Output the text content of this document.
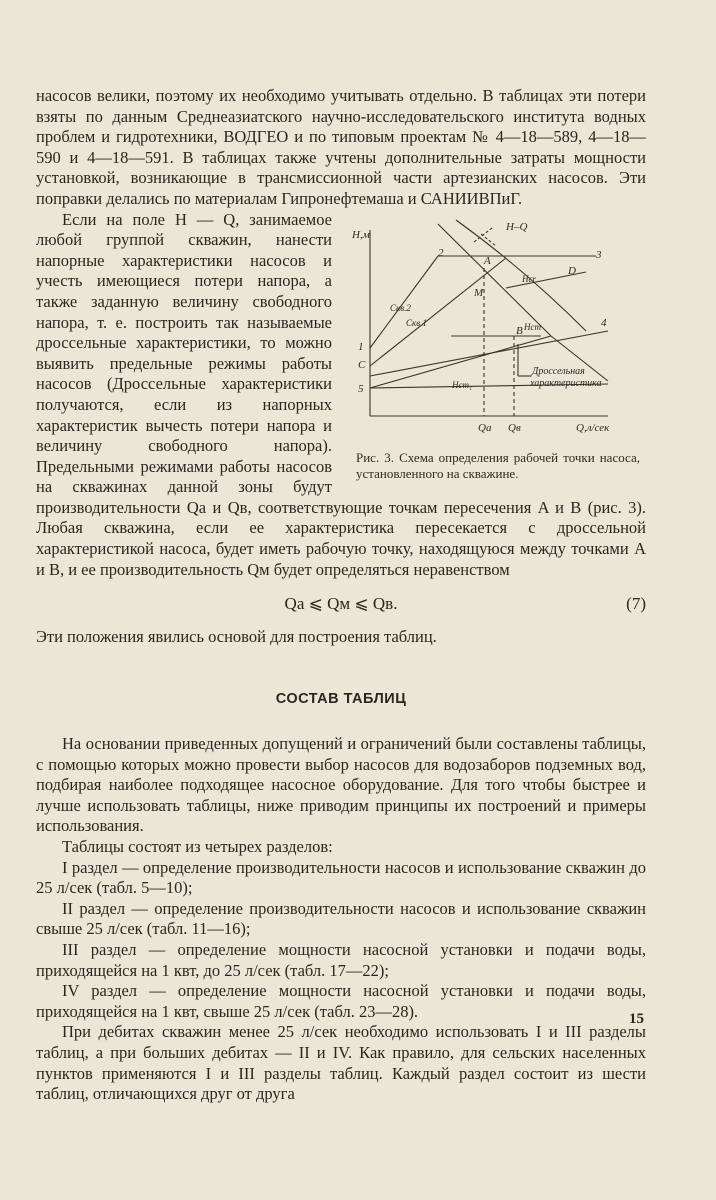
насосов велики, поэтому их необходимо учитывать отдельно. В таблицах эти потери взяты по данным Среднеазиатского научно-исследовательского института водных проблем и гидротехники, ВОДГЕО и по типовым проектам № 4—18—589, 4—18—590 и 4—18—591. В таблицах также учтены дополнительные затраты мощности установкой, возникающие в трансмиссионной части артезианских насосов. Эти поправки делались по материалам Гипронефтемаша и САНИИВПиГ.

H,м
H–Q
2	3
4
1
C
5
A
B
M
D
Hсr
Hсm
Hсm₁
Скв.1
Скв.2
Дроссельная
характеристика
Qа Qв	Q,л/сек
Рис. 3. Схема определения рабочей точки насоса, установленного на скважине.

Если на поле H — Q, занимаемое любой группой скважин, нанести напорные характеристики насосов и учесть имеющиеся потери напора, а также заданную величину свободного напора, т. е. построить так называемые дроссельные характеристики, то можно выявить предельные режимы работы насосов (Дроссельные характеристики получаются, если из напорных характеристик вычесть потери напора и величину свободного напора). Предельными режимами работы насосов на скважинах данной зоны будут производительности Qа и Qв, соответствующие точкам пересечения A и B (рис. 3). Любая скважина, если ее характеристика пересекается с дроссельной характеристикой насоса, будет иметь рабочую точку, находящуюся между точками A и B, и ее производительность Qм будет определяться неравенством

Qа ⩽ Qм ⩽ Qв.	(7)

Эти положения явились основой для построения таблиц.

СОСТАВ ТАБЛИЦ

На основании приведенных допущений и ограничений были составлены таблицы, с помощью которых можно провести выбор насосов для водозаборов подземных вод, подбирая наиболее подходящее насосное оборудование. Для того чтобы быстрее и лучше использовать таблицы, ниже приводим принципы их построений и примеры использования.

Таблицы состоят из четырех разделов:

I раздел — определение производительности насосов и использование скважин до 25 л/сек (табл. 5—10);

II раздел — определение производительности насосов и использование скважин свыше 25 л/сек (табл. 11—16);

III раздел — определение мощности насосной установки и подачи воды, приходящейся на 1 квт, до 25 л/сек (табл. 17—22);

IV раздел — определение мощности насосной установки и подачи воды, приходящейся на 1 квт, свыше 25 л/сек (табл. 23—28).

При дебитах скважин менее 25 л/сек необходимо использовать I и III разделы таблиц, а при больших дебитах — II и IV. Как правило, для сельских населенных пунктов применяются I и III разделы таблиц. Каждый раздел состоит из шести таблиц, отличающихся друг от друга

15
